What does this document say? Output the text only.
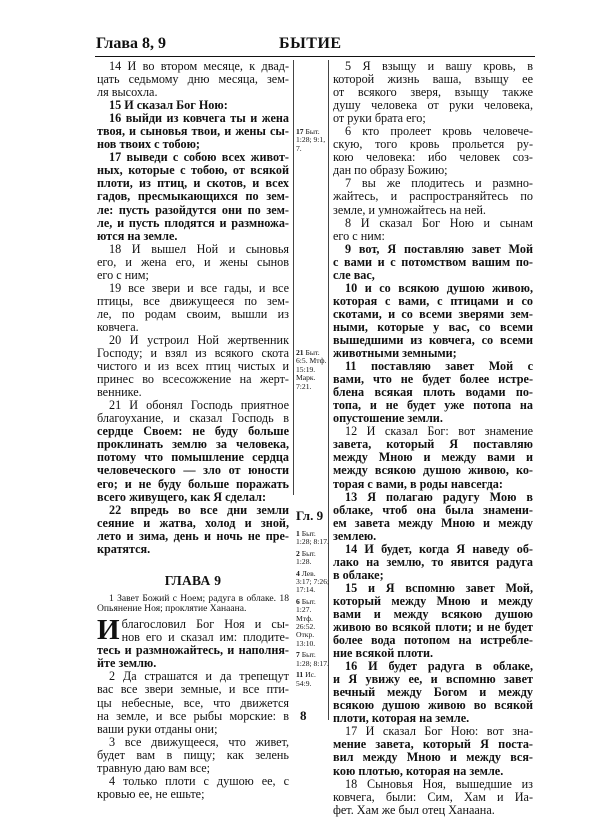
Глава 8, 9	БЫТИЕ

14 И во втором месяце, к двад-

цать седьмому дню месяца, зем-

ля высохла.

15 И сказал Бог Ною:

16 выйди из ковчега ты и жена

твоя, и сыновья твои, и жены сы-

нов твоих с тобою;

17 выведи с собою всех живот-

ных, которые с тобою, от всякой

плоти, из птиц, и скотов, и всех

гадов, пресмыкающихся по зем-

ле: пусть разойдутся они по зем-

ле, и пусть плодятся и размножа-

ются на земле.

18 И вышел Ной и сыновья

его, и жена его, и жены сынов

его с ним;

19 все звери и все гады, и все

птицы, все движущееся по зем-

ле, по родам своим, вышли из

ковчега.

20 И устроил Ной жертвенник

Господу; и взял из всякого скота

чистого и из всех птиц чистых и

принес во всесожжение на жерт-

веннике.

21 И обонял Господь приятное

благоухание, и сказал Господь в

сердце Своем: не буду больше

проклинать землю за человека,

потому что помышление сердца

человеческого — зло от юности

его; и не буду больше поражать

всего живущего, как Я сделал:

22 впредь во все дни земли

сеяние и жатва, холод и зной,

лето и зима, день и ночь не пре-

кратятся.

ГЛАВА 9
1 Завет Божий с Ноем; радуга в облаке. 18 Опьянение Ноя; проклятие Ханаана.
И благословил Бог Ноя и сы-

нов его и сказал им: плодите-

тесь и размножайтесь, и наполня-

йте землю.

2 Да страшатся и да трепещут

вас все звери земные, и все пти-

цы небесные, все, что движется

на земле, и все рыбы морские: в

ваши руки отданы они;

3 все движущееся, что живет,

будет вам в пищу; как зелень

травную даю вам все;

4 только плоти с душою ее, с

кровью ее, не ешьте;

17 Быт. 1:28; 9:1, 7.
21 Быт. 6:5. Мтф. 15:19. Марк. 7:21.
Гл. 9
1 Быт. 1:28; 8:17.
2 Быт. 1:28.
4 Лев. 3:17; 7:26; 17:14.
6 Быт. 1:27. Мтф. 26:52. Откр. 13:10.
7 Быт. 1:28; 8:17.
11 Ис. 54:9.

5 Я взыщу и вашу кровь, в

которой жизнь ваша, взыщу ее

от всякого зверя, взыщу также

душу человека от руки человека,

от руки брата его;

6 кто пролеет кровь человече-

скую, того кровь прольется ру-

кою человека: ибо человек соз-

дан по образу Божию;

7 вы же плодитесь и размно-

жайтесь, и распространяйтесь по

земле, и умножайтесь на ней.

8 И сказал Бог Ною и сынам

его с ним:

9 вот, Я поставляю завет Мой

с вами и с потомством вашим по-

сле вас,

10 и со всякою душою живою,

которая с вами, с птицами и со

скотами, и со всеми зверями зем-

ными, которые у вас, со всеми

вышедшими из ковчега, со всеми

животными земными;

11 поставляю завет Мой с

вами, что не будет более истре-

блена всякая плоть водами по-

топа, и не будет уже потопа на

опустошение земли.

12 И сказал Бог: вот знамение

завета, который Я поставляю

между Мною и между вами и

между всякою душою живою, ко-

торая с вами, в роды навсегда:

13 Я полагаю радугу Мою в

облаке, чтоб она была знамени-

ем завета между Мною и между

землею.

14 И будет, когда Я наведу об-

лако на землю, то явится радуга

в облаке;

15 и Я вспомню завет Мой,

который между Мною и между

вами и между всякою душою

живою во всякой плоти; и не будет

более вода потопом на истребле-

ние всякой плоти.

16 И будет радуга в облаке,

и Я увижу ее, и вспомню завет

вечный между Богом и между

всякою душою живою во всякой

плоти, которая на земле.

17 И сказал Бог Ною: вот зна-

мение завета, который Я поста-

вил между Мною и между вся-

кою плотью, которая на земле.

18 Сыновья Ноя, вышедшие из

ковчега, были: Сим, Хам и Иа-

фет. Хам же был отец Ханаана.

8
